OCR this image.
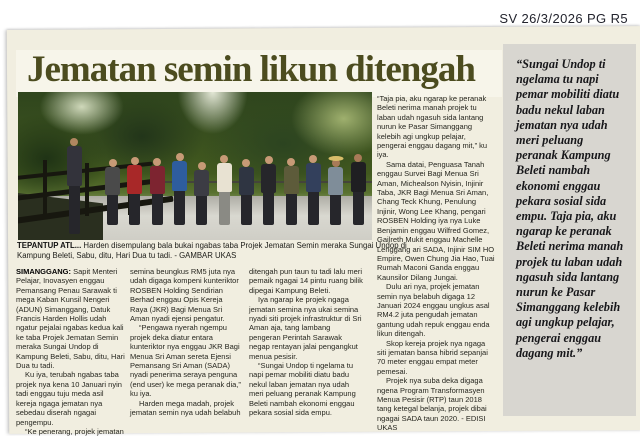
SV 26/3/2026 PG R5
Jematan semin likun ditengah

TEPANTUP ATL... Harden disempulang bala bukai ngabas taba Projek Jematan Semin meraka Sungai Undop di Kampung Beleti, Sabu, ditu, Hari Dua tu tadi. - GAMBAR UKAS

SIMANGGANG: Sapit Menteri Pelajar, Inovasyen enggau Pemansang Penau Sarawak ti mega Kaban Kunsil Nengeri (ADUN) Simanggang, Datuk Francis Harden Hollis udah ngatur pejalai ngabas kedua kali ke taba Projek Jematan Semin meraka Sungai Undop di Kampung Beleti, Sabu, ditu, Hari Dua tu tadi.

Ku iya, terubah ngabas taba projek nya kena 10 Januari nyin tadi enggau tuju meda asil kereja ngaga jematan nya sebedau diserah ngagai pengempu.

“Ke penerang, projek jematan

semina beungkus RM5 juta nya udah digaga kompeni kunteriktor ROSBEN Holding Sendirian Berhad enggau Opis Kereja Raya (JKR) Bagi Menua Sri Aman nyadi ejensi pengatur.

“Pengawa nyerah ngempu projek deka diatur entara kunteriktor nya enggau JKR Bagi Menua Sri Aman sereta Ejensi Pemansang Sri Aman (SADA) nyadi penerima seraya penguna (end user) ke mega peranak dia,” ku iya.

Harden mega madah, projek jematan semin nya udah belabuh

ditengah pun taun tu tadi lalu meri pemaik ngagai 14 pintu ruang bilik dipegai Kampung Beleti.

Iya ngarap ke projek ngaga jematan semina nya ukai semina nyadi siti projek infrastruktur di Sri Aman aja, tang lambang pengeran Perintah Sarawak negap rentayan jalai pengangkut menua pesisir.

“Sungai Undop ti ngelama tu napi pemar mobiliti diatu badu nekul laban jematan nya udah meri peluang peranak Kampung Beleti nambah ekonomi enggau pekara sosial sida empu.

“Taja pia, aku ngarap ke peranak Beleti nerima manah projek tu laban udah ngasuh sida lantang nurun ke Pasar Simanggang kelebih agi ungkup pelajar, pengerai enggau dagang mit,” ku iya.

Sama datai, Penguasa Tanah enggau Survei Bagi Menua Sri Aman, Michealson Nyisin, Injinir Taba, JKR Bagi Menua Sri Aman, Chang Teck Khung, Penulung Injinir, Wong Lee Khang, pengari ROSBEN Holding iya nya Luke Benjamin enggau Wilfred Gomez, Gailreth Mukit enggau Machelle Lenggang ari SADA, Injinir SIM HO Empire, Owen Chung Jia Hao, Tuai Rumah Maconi Ganda enggau Kaunsilor Dilang Jungai.

Dulu ari nya, projek jematan semin nya belabuh digaga 12 Januari 2024 enggau ungkus asal RM4.2 juta pengudah jematan gantung udah repuk enggau enda likun ditengah.

Skop kereja projek nya ngaga siti jematan bansa hibrid sepanjai 70 meter enggau empat meter pemesai.

Projek nya suba deka digaga ngena Program Transformasyen Menua Pesisir (RTP) taun 2018 tang ketegal belanja, projek dibai ngagai SADA taun 2020. - EDISI UKAS

“Sungai Undop ti ngelama tu napi pemar mobiliti diatu badu nekul laban jematan nya udah meri peluang peranak Kampung Beleti nambah ekonomi enggau pekara sosial sida empu. Taja pia, aku ngarap ke peranak Beleti nerima manah projek tu laban udah ngasuh sida lantang nurun ke Pasar Simanggang kelebih agi ungkup pelajar, pengerai enggau dagang mit.”
